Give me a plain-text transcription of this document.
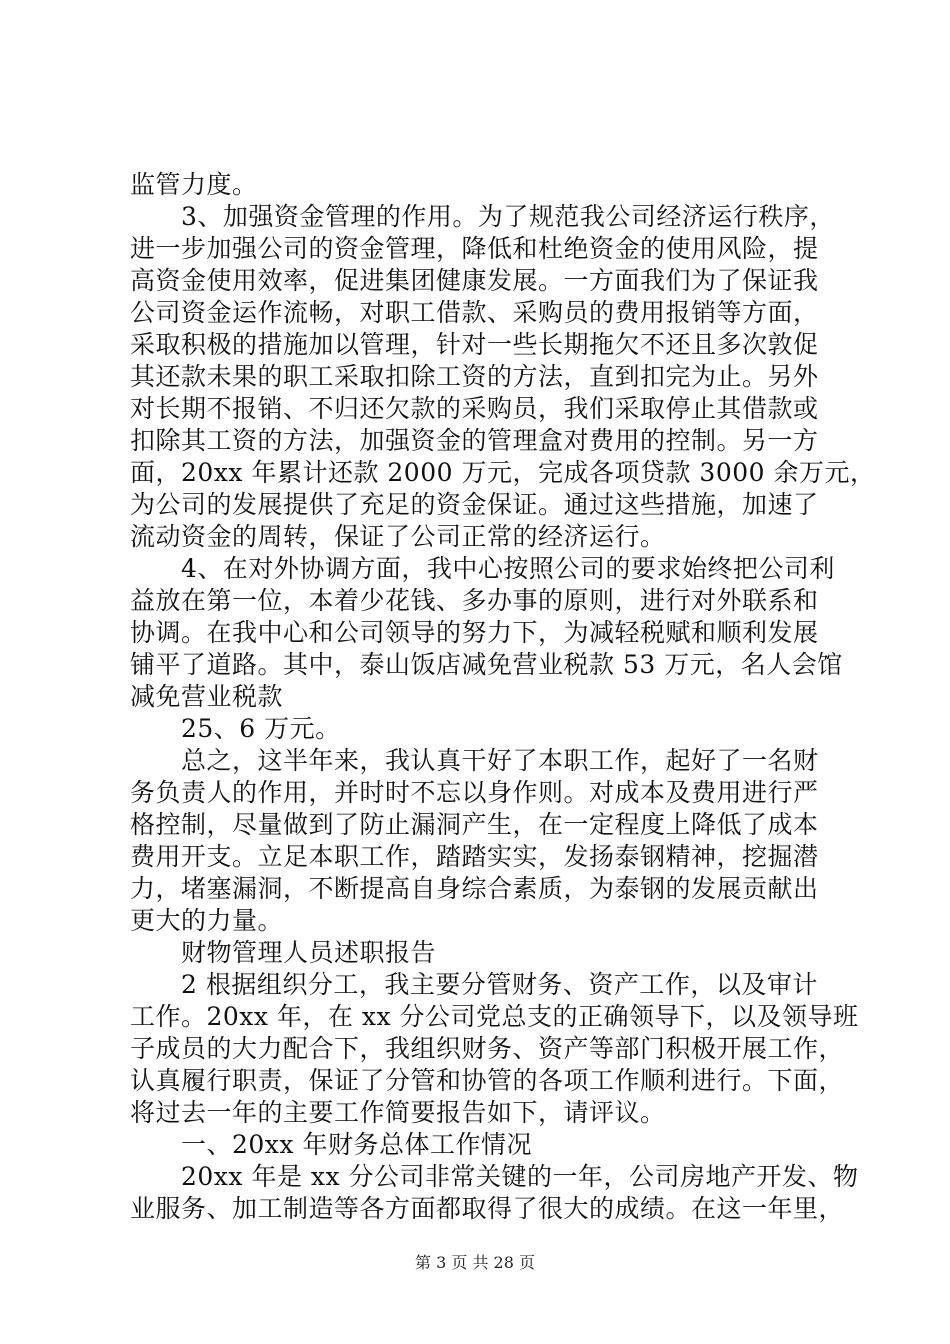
监管力度。
　　3、加强资金管理的作用。为了规范我公司经济运行秩序，
进一步加强公司的资金管理，降低和杜绝资金的使用风险，提
高资金使用效率，促进集团健康发展。一方面我们为了保证我
公司资金运作流畅，对职工借款、采购员的费用报销等方面，
采取积极的措施加以管理，针对一些长期拖欠不还且多次敦促
其还款未果的职工采取扣除工资的方法，直到扣完为止。另外
对长期不报销、不归还欠款的采购员，我们采取停止其借款或
扣除其工资的方法，加强资金的管理盒对费用的控制。另一方
面，20xx 年累计还款 2000 万元，完成各项贷款 3000 余万元，
为公司的发展提供了充足的资金保证。通过这些措施，加速了
流动资金的周转，保证了公司正常的经济运行。
　　4、在对外协调方面，我中心按照公司的要求始终把公司利
益放在第一位，本着少花钱、多办事的原则，进行对外联系和
协调。在我中心和公司领导的努力下，为减轻税赋和顺利发展
铺平了道路。其中，泰山饭店减免营业税款 53 万元，名人会馆
减免营业税款
　　25、6 万元。
　　总之，这半年来，我认真干好了本职工作，起好了一名财
务负责人的作用，并时时不忘以身作则。对成本及费用进行严
格控制，尽量做到了防止漏洞产生，在一定程度上降低了成本
费用开支。立足本职工作，踏踏实实，发扬泰钢精神，挖掘潜
力，堵塞漏洞，不断提高自身综合素质，为泰钢的发展贡献出
更大的力量。
　　财物管理人员述职报告
　　2 根据组织分工，我主要分管财务、资产工作，以及审计
工作。20xx 年，在 xx 分公司党总支的正确领导下，以及领导班
子成员的大力配合下，我组织财务、资产等部门积极开展工作，
认真履行职责，保证了分管和协管的各项工作顺利进行。下面，
将过去一年的主要工作简要报告如下，请评议。
　　一、20xx 年财务总体工作情况
　　20xx 年是 xx 分公司非常关键的一年，公司房地产开发、物
业服务、加工制造等各方面都取得了很大的成绩。在这一年里，
第 3 页 共 28 页
